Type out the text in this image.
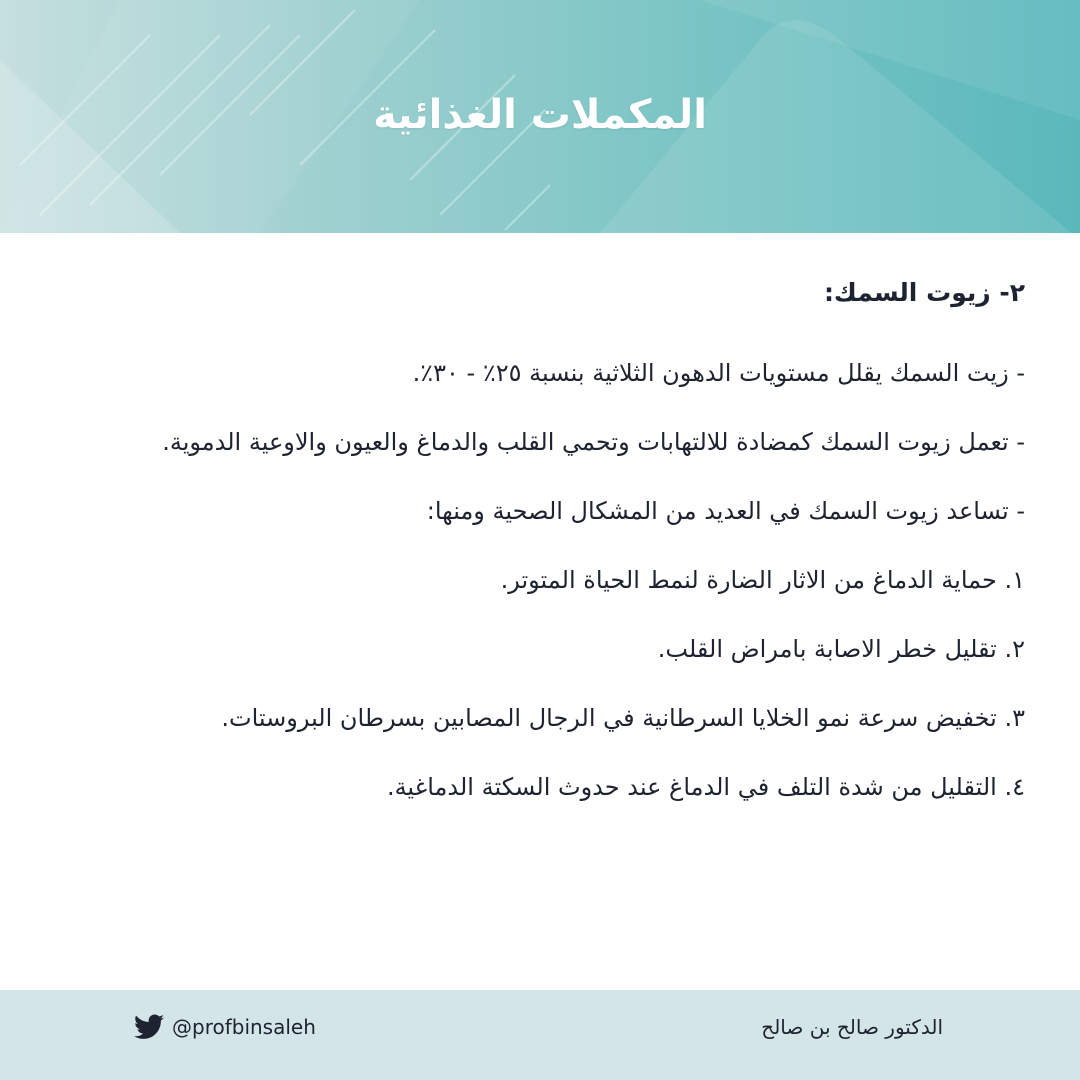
المكملات الغذائية
٢- زيوت السمك:
- زيت السمك يقلل مستويات الدهون الثلاثية بنسبة ٢٥٪ - ٣٠٪.
- تعمل زيوت السمك كمضادة للالتهابات وتحمي القلب والدماغ والعيون والاوعية الدموية.
- تساعد زيوت السمك في العديد من المشكال الصحية ومنها:
١. حماية الدماغ من الاثار الضارة لنمط الحياة المتوتر.
٢. تقليل خطر الاصابة بامراض القلب.
٣. تخفيض سرعة نمو الخلايا السرطانية في الرجال المصابين بسرطان البروستات.
٤. التقليل من شدة التلف في الدماغ عند حدوث السكتة الدماغية.
الدكتور صالح بن صالح
@profbinsaleh
